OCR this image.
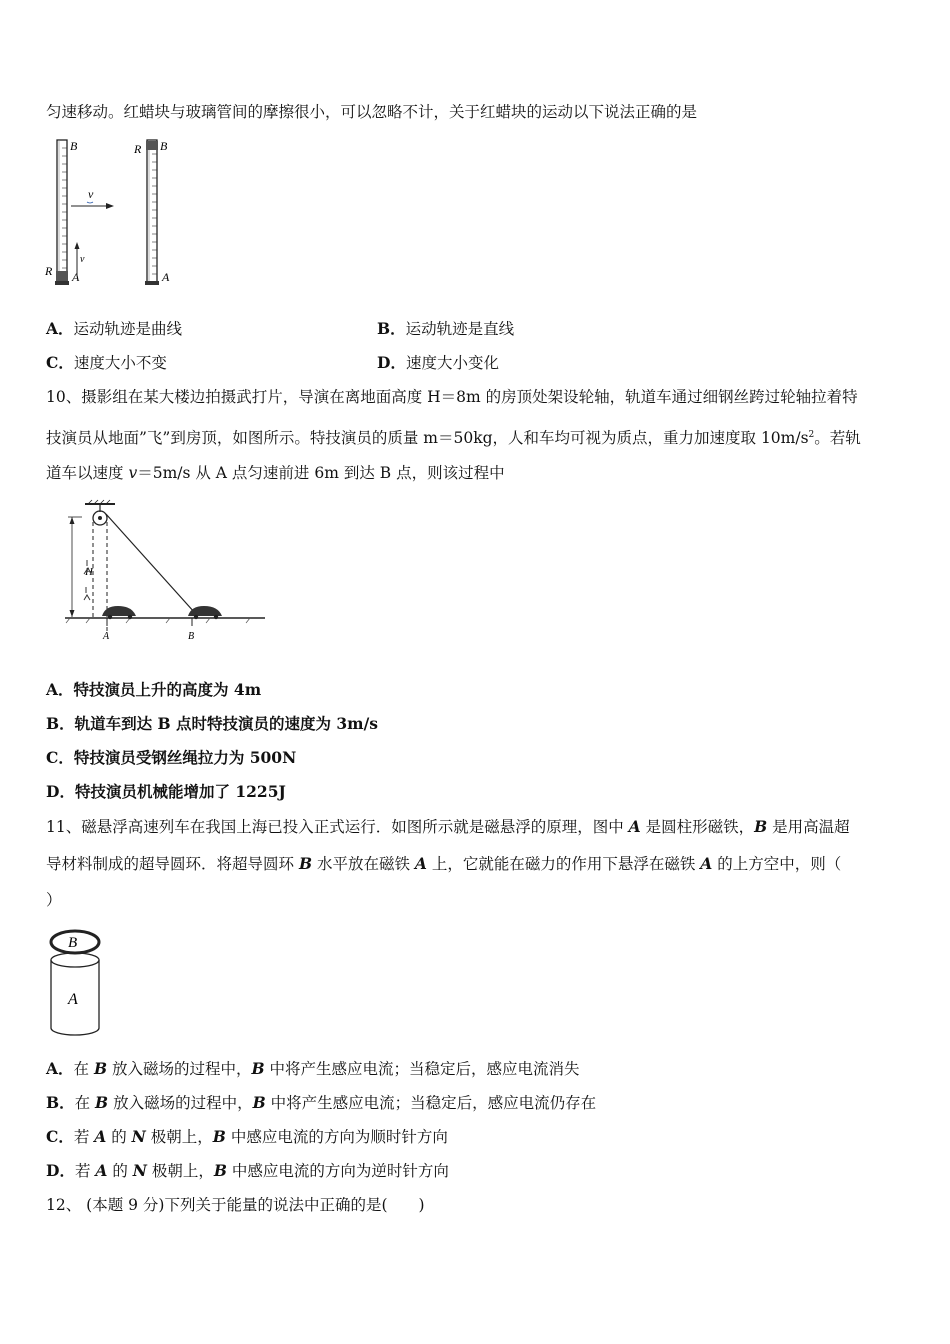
匀速移动。红蜡块与玻璃管间的摩擦很小，可以忽略不计，关于红蜡块的运动以下说法正确的是
B
A
R
v
v
R B
A
A．运动轨迹是曲线	B．运动轨迹是直线
C．速度大小不变	D．速度大小变化
10、摄影组在某大楼边拍摄武打片，导演在离地面高度 H＝8m 的房顶处架设轮轴，轨道车通过细钢丝跨过轮轴拉着特
技演员从地面”飞”到房顶，如图所示。特技演员的质量 m＝50kg，人和车均可视为质点，重力加速度取 $10m/s^2$。若轨
道车以速度 v＝5m/s 从 A 点匀速前进 6m 到达 B 点，则该过程中
H
A	B
A．特技演员上升的高度为 4m
B．轨道车到达 B 点时特技演员的速度为 3m/s
C．特技演员受钢丝绳拉力为 500N
D．特技演员机械能增加了 1225J
11、磁悬浮高速列车在我国上海已投入正式运行．如图所示就是磁悬浮的原理，图中 A 是圆柱形磁铁，B 是用高温超
导材料制成的超导圆环．将超导圆环 B 水平放在磁铁 A 上，它就能在磁力的作用下悬浮在磁铁 A 的上方空中，则（
）
A
B
A．在 B 放入磁场的过程中，B 中将产生感应电流；当稳定后，感应电流消失
B．在 B 放入磁场的过程中，B 中将产生感应电流；当稳定后，感应电流仍存在
C．若 A 的 N 极朝上，B 中感应电流的方向为顺时针方向
D．若 A 的 N 极朝上，B 中感应电流的方向为逆时针方向
12、 (本题 9 分)下列关于能量的说法中正确的是(　　)
